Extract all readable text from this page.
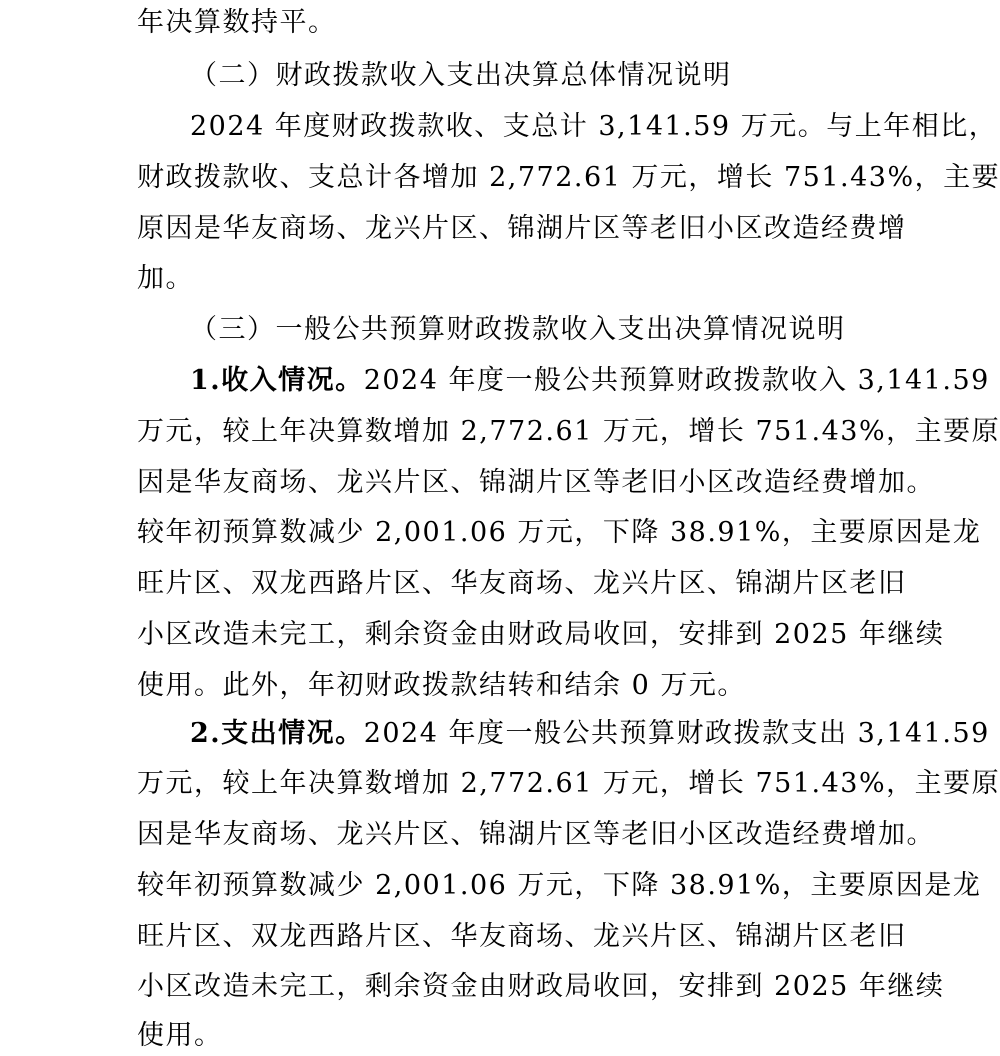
年决算数持平。
（二）财政拨款收入支出决算总体情况说明
2024 年度财政拨款收、支总计 3,141.59 万元。与上年相比，
财政拨款收、支总计各增加 2,772.61 万元，增长 751.43%，主要
原因是华友商场、龙兴片区、锦湖片区等老旧小区改造经费增
加。
（三）一般公共预算财政拨款收入支出决算情况说明
1.收入情况。2024 年度一般公共预算财政拨款收入 3,141.59
万元，较上年决算数增加 2,772.61 万元，增长 751.43%，主要原
因是华友商场、龙兴片区、锦湖片区等老旧小区改造经费增加。
较年初预算数减少 2,001.06 万元，下降 38.91%，主要原因是龙
旺片区、双龙西路片区、华友商场、龙兴片区、锦湖片区老旧
小区改造未完工，剩余资金由财政局收回，安排到 2025 年继续
使用。此外，年初财政拨款结转和结余 0 万元。
2.支出情况。2024 年度一般公共预算财政拨款支出 3,141.59
万元，较上年决算数增加 2,772.61 万元，增长 751.43%，主要原
因是华友商场、龙兴片区、锦湖片区等老旧小区改造经费增加。
较年初预算数减少 2,001.06 万元，下降 38.91%，主要原因是龙
旺片区、双龙西路片区、华友商场、龙兴片区、锦湖片区老旧
小区改造未完工，剩余资金由财政局收回，安排到 2025 年继续
使用。
